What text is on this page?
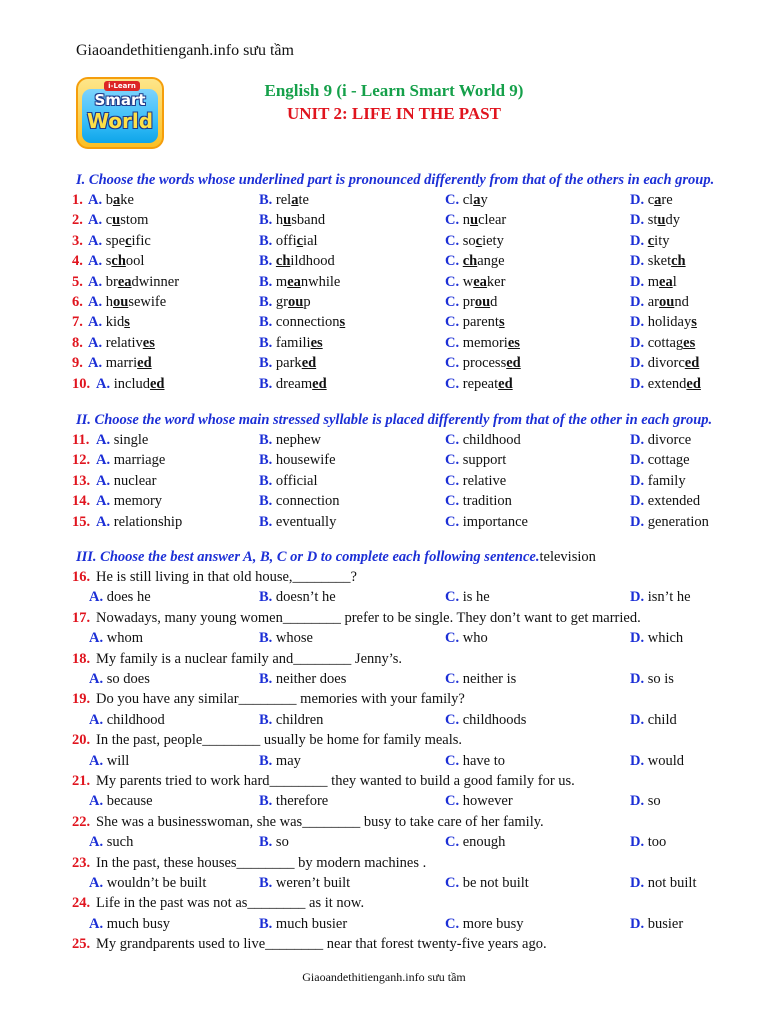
Giaoandethitienganh.info sưu tầm
i-Learn
Smart
World
English 9 (i - Learn Smart World 9)
UNIT 2: LIFE IN THE PAST
I. Choose the words whose underlined part is pronounced differently from that of the others in each group.
1. A. bake	B. relate	C. clay	D. care
2. A. custom	B. husband	C. nuclear	D. study
3. A. specific	B. official	C. society	D. city
4. A. school	B. childhood	C. change	D. sketch
5. A. breadwinner	B. meanwhile	C. weaker	D. meal
6. A. housewife	B. group	C. proud	D. around
7. A. kids	B. connections	C. parents	D. holidays
8. A. relatives	B. families	C. memories	D. cottages
9. A. married	B. parked	C. processed	D. divorced
10. A. included	B. dreamed	C. repeated	D. extended
II. Choose the word whose main stressed syllable is placed differently from that of the other in each group.
11. A. single	B. nephew	C. childhood	D. divorce
12. A. marriage	B. housewife	C. support	D. cottage
13. A. nuclear	B. official	C. relative	D. family
14. A. memory	B. connection	C. tradition	D. extended
15. A. relationship	B. eventually	C. importance	D. generation
III. Choose the best answer A, B, C or D to complete each following sentence.television
16. He is still living in that old house,________?
A. does he	B. doesn’t he	C. is he	D. isn’t he
17. Nowadays, many young women________ prefer to be single. They don’t want to get married.
A. whom	B. whose	C. who	D. which
18. My family is a nuclear family and________ Jenny’s.
A. so does	B. neither does	C. neither is	D. so is
19. Do you have any similar________ memories with your family?
A. childhood	B. children	C. childhoods	D. child
20. In the past, people________ usually be home for family meals.
A. will	B. may	C. have to	D. would
21. My parents tried to work hard________ they wanted to build a good family for us.
A. because	B. therefore	C. however	D. so
22. She was a businesswoman, she was________ busy to take care of her family.
A. such	B. so	C. enough	D. too
23. In the past, these houses________ by modern machines .
A. wouldn’t be built	B. weren’t built	C. be not built	D. not built
24. Life in the past was not as________ as it now.
A. much busy	B. much busier	C. more busy	D. busier
25. My grandparents used to live________ near that forest twenty-five years ago.
Giaoandethitienganh.info sưu tầm
